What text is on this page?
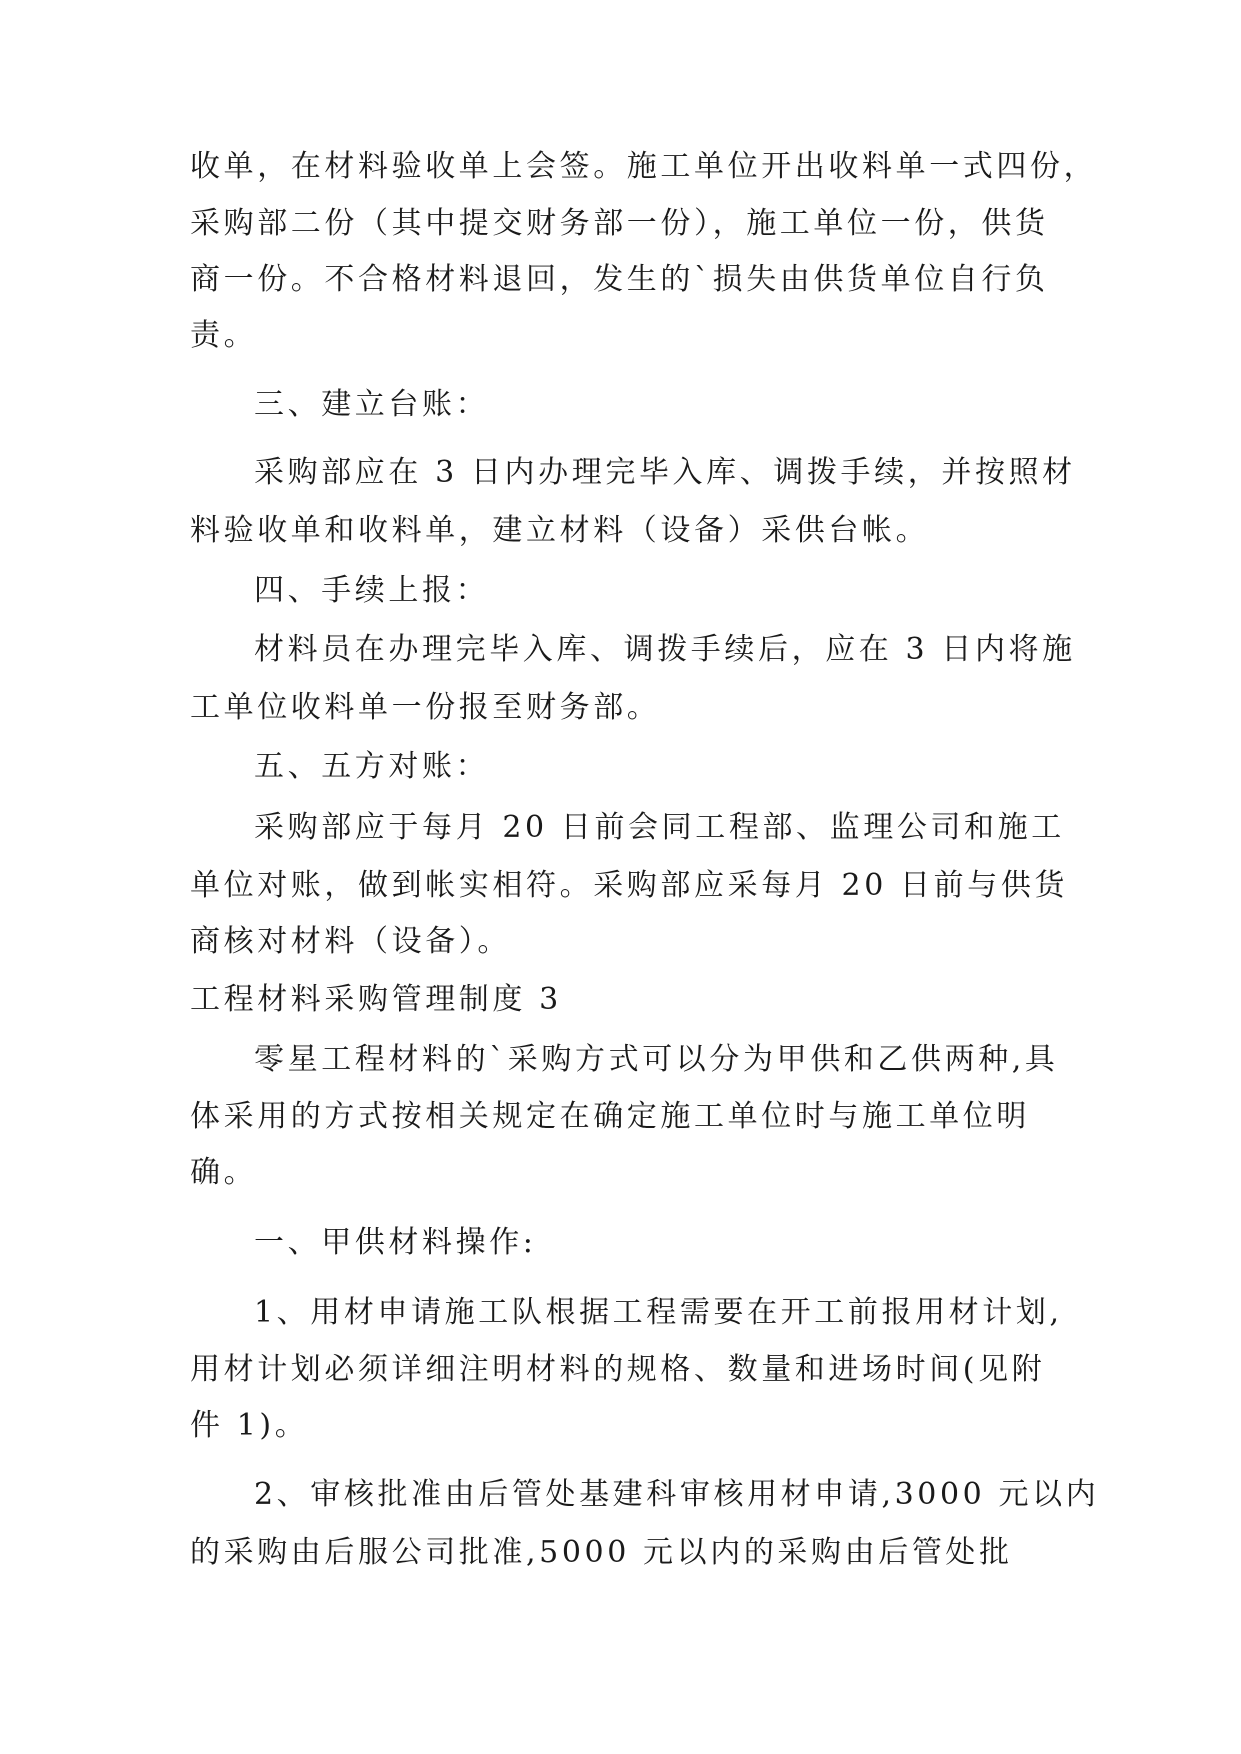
收单，在材料验收单上会签。施工单位开出收料单一式四份，
采购部二份（其中提交财务部一份），施工单位一份，供货
商一份。不合格材料退回，发生的`损失由供货单位自行负
责。
三、建立台账：
采购部应在 3 日内办理完毕入库、调拨手续，并按照材
料验收单和收料单，建立材料（设备）采供台帐。
四、手续上报：
材料员在办理完毕入库、调拨手续后，应在 3 日内将施
工单位收料单一份报至财务部。
五、五方对账：
采购部应于每月 20 日前会同工程部、监理公司和施工
单位对账，做到帐实相符。采购部应采每月 20 日前与供货
商核对材料（设备）。
工程材料采购管理制度 3
零星工程材料的`采购方式可以分为甲供和乙供两种,具
体采用的方式按相关规定在确定施工单位时与施工单位明
确。
一、甲供材料操作:
1、用材申请施工队根据工程需要在开工前报用材计划,
用材计划必须详细注明材料的规格、数量和进场时间(见附
件 1)。
2、审核批准由后管处基建科审核用材申请,3000 元以内
的采购由后服公司批准,5000 元以内的采购由后管处批
